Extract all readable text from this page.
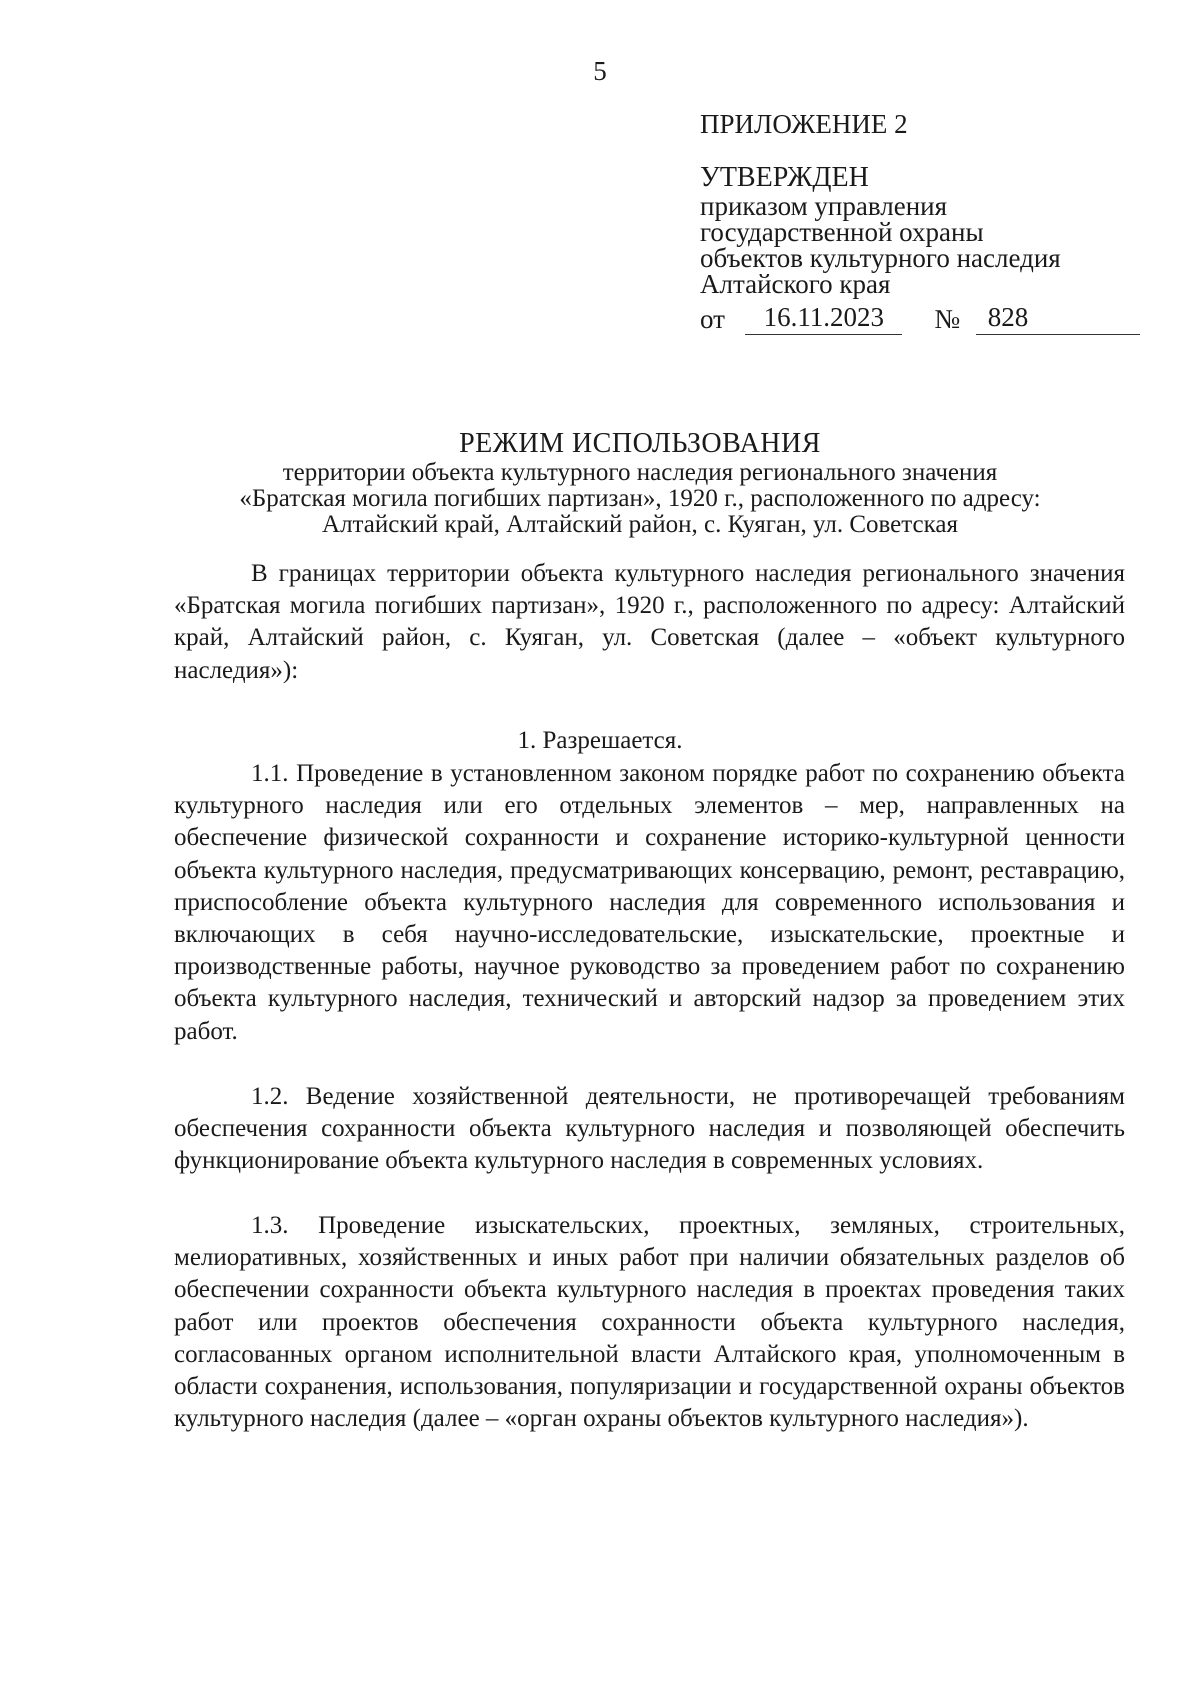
5

ПРИЛОЖЕНИЕ 2

УТВЕРЖДЕН

приказом управления

государственной охраны

объектов культурного наследия

Алтайского края

от	16.11.2023	№	828

РЕЖИМ ИСПОЛЬЗОВАНИЯ

территории объекта культурного наследия регионального значения

«Братская могила погибших партизан», 1920 г., расположенного по адресу:

Алтайский край, Алтайский район, с. Куяган, ул. Советская

В границах территории объекта культурного наследия регионального значения «Братская могила погибших партизан», 1920 г., расположенного по адресу: Алтайский край, Алтайский район, с. Куяган, ул. Советская (далее – «объект культурного наследия»):

1. Разрешается.

1.1. Проведение в установленном законом порядке работ по сохранению объекта культурного наследия или его отдельных элементов – мер, направленных на обеспечение физической сохранности и сохранение историко-культурной ценности объекта культурного наследия, предусматривающих консервацию, ремонт, реставрацию, приспособление объекта культурного наследия для современного использования и включающих в себя научно-исследовательские, изыскательские, проектные и производственные работы, научное руководство за проведением работ по сохранению объекта культурного наследия, технический и авторский надзор за проведением этих работ.

1.2. Ведение хозяйственной деятельности, не противоречащей требованиям обеспечения сохранности объекта культурного наследия и позволяющей обеспечить функционирование объекта культурного наследия в современных условиях.

1.3. Проведение изыскательских, проектных, земляных, строительных, мелиоративных, хозяйственных и иных работ при наличии обязательных разделов об обеспечении сохранности объекта культурного наследия в проектах проведения таких работ или проектов обеспечения сохранности объекта культурного наследия, согласованных органом исполнительной власти Алтайского края, уполномоченным в области сохранения, использования, популяризации и государственной охраны объектов культурного наследия (далее – «орган охраны объектов культурного наследия»).
